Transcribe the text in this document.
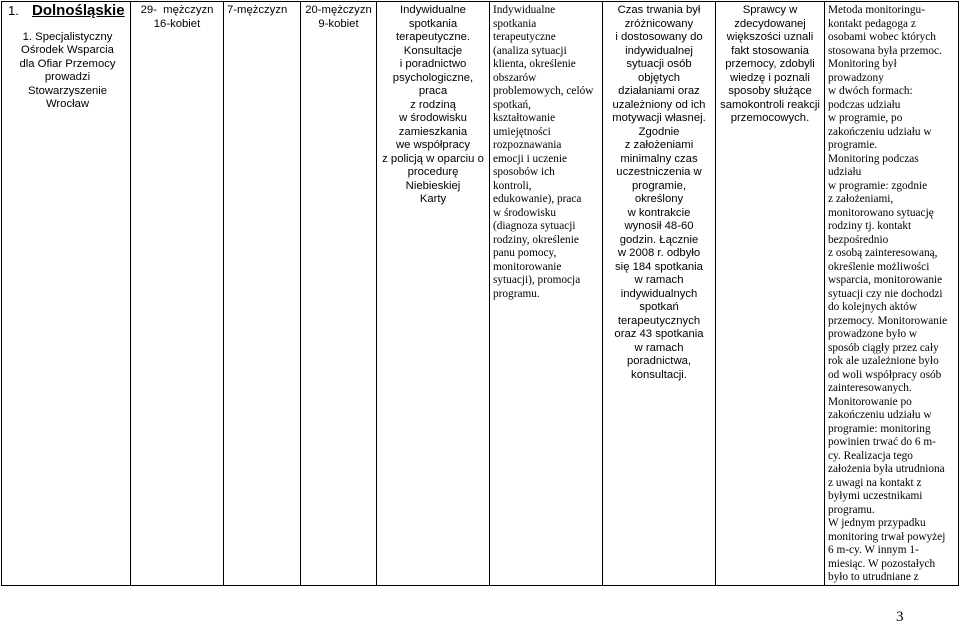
1. Dolnośląskie
1. Specjalistyczny
Ośrodek Wsparcia
dla Ofiar Przemocy
prowadzi
Stowarzyszenie
Wrocław

29-  mężczyzn
16-kobiet

7-mężczyzn	20-mężczyzn
9-kobiet

Indywidualne
spotkania
terapeutyczne.
Konsultacje
i poradnictwo
psychologiczne, praca
z rodziną
w środowisku
zamieszkania
we współpracy
z policją w oparciu o
procedurę Niebieskiej
Karty

Indywidualne
spotkania
terapeutyczne
(analiza sytuacji
klienta, określenie
obszarów
problemowych, celów
spotkań,
kształtowanie
umiejętności
rozpoznawania
emocji i uczenie
sposobów ich
kontroli,
edukowanie), praca
w środowisku
(diagnoza sytuacji
rodziny, określenie
panu pomocy,
monitorowanie
sytuacji), promocja
programu.

Czas trwania był
zróżnicowany
i dostosowany do
indywidualnej
sytuacji osób
objętych
działaniami oraz
uzależniony od ich
motywacji własnej.
Zgodnie
z założeniami
minimalny czas
uczestniczenia w
programie,
określony
w kontrakcie
wynosił 48-60
godzin. Łącznie
w 2008 r. odbyło
się 184 spotkania
w ramach
indywidualnych
spotkań
terapeutycznych
oraz 43 spotkania
w ramach
poradnictwa,
konsultacji.

Sprawcy w
zdecydowanej
większości uznali
fakt stosowania
przemocy, zdobyli
wiedzę i poznali
sposoby służące
samokontroli reakcji
przemocowych.

Metoda monitoringu-
kontakt pedagoga z
osobami wobec których
stosowana była przemoc.
Monitoring był
prowadzony
w dwóch formach:
podczas udziału
w programie, po
zakończeniu udziału w
programie.
Monitoring podczas
udziału
w programie: zgodnie
z założeniami,
monitorowano sytuację
rodziny tj. kontakt
bezpośrednio
z osobą zainteresowaną,
określenie możliwości
wsparcia, monitorowanie
sytuacji czy nie dochodzi
do kolejnych aktów
przemocy. Monitorowanie
prowadzone było w
sposób ciągły przez cały
rok ale uzależnione było
od woli współpracy osób
zainteresowanych.
Monitorowanie po
zakończeniu udziału w
programie: monitoring
powinien trwać do 6 m-
cy. Realizacja tego
założenia była utrudniona
z uwagi na kontakt z
byłymi uczestnikami
programu.
W jednym przypadku
monitoring trwał powyżej
6 m-cy. W innym 1-
miesiąc. W pozostałych
było to utrudniane z
3
